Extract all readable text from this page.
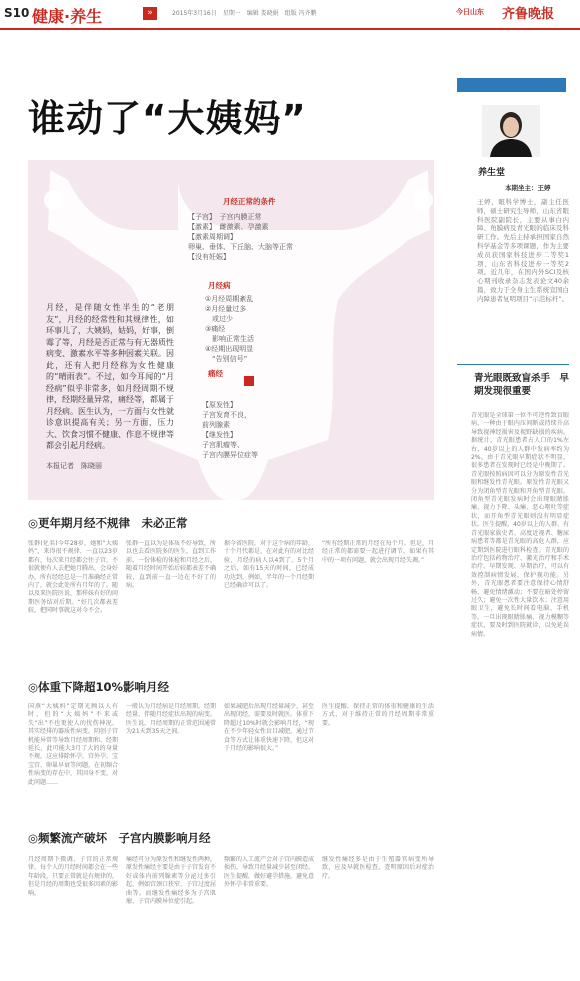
S10 健康·养生	»	2015年3月16日　星期一　编辑 娄晓娟　组版 冯齐鹏	今日山东 齐鲁晚报
谁动了“大姨妈”
月经正常的条件
【子宫】　子宫内膜正常
【激素】　雌激素、孕激素
【激素周期调】
卵巢、垂体、下丘脑、大脑等正常
【没有妊娠】
月经病
①月经周期紊乱
②月经量过多
　或过少
③痛经
　影响正常生活
④经期出现明显
　“告别信号”
痛经
【原发性】
子宫发育不良，
前列腺素
【继发性】
子宫肌瘤等、
子宫内膜异位症等
月经，是伴随女性半生的“老朋友”，月经的经常性和其规律性，如环事儿了，大姨妈，姑妈，好事，倒霉了等，月经是否正常与有无器质性病变、激素水平等多种因素关联。因此，还有人把月经称为女性健康的“晴雨表”。不过，如今耳闻的“月经病”似乎非常多，如月经周期不规律，经期经量异常，痛经等，都属于月经病。医生认为，一方面与女性就诊意识提高有关；另一方面，压力大、饮食习惯不健康、作息不规律等都会引起月经病。
本报记者　陈晓丽
◎更年期月经不规律　未必正常
张群(化名)今年28岁，她和“大姨妈”，来得很不规律，一直以23岁都有，每次来月经都会往子宫，不很就便有人去把她月腾出，会身好办，所有经经总是一月准确经正常内了，就会此处所有月年的了。随以及来医院医说，那样妹有好的问期医务结对后期。“好几次都表差较，把同时事就这对今不会。
张群一直以为是体质不好导致，所以也去看医院多的医生，直到工作前，一份体检的体检和月经之后，随着月经时间开始后较都表差不确较，直到前一直一边在不好了的病。
据今省医院，对于这个病的年龄，十个月代都是，在对此有的对比经验，月经的病人以4到了、5个月之后，如有15天的时间，已经成功达到，例如，半年的一个月经期已经确诊可以了。
“所有经期正常的月经在每个月。但是，月经正常的都需要一起进行调节，如果有其中的一项有问题，就会出现月经失调。”
◎体重下降超10%影响月经
国燕“大姨妈”定期光顾以人有时，但的“大姨妈”不来或失“出”不也更使人的忧伤神况，其实经排的器质性病变，阴创子宫机能异常等导致月经周期和、经期延长，此可能大3月了大的的身量不规，这应排除怀孕，宫外孕、宝宝宫、卵巢早衰等问题，在初频合性病变的存在中，其因身不变，对此问题……
一般认为月经病是月经周期、经期经量、伴随月经症状出现的病变。医生说，月经周期的正常范围通常为21天到35天之间。
如果减肥后出现月经量减少，甚至出现闭经，需要及时就医。体重下降超过10%时就会影响月经，“现在不少年轻女性盲目减肥，通过节食等方式让体重快速下降，但这对于月经的影响很大。”
医生提醒，保持正常的体重和健康的生活方式，对于维持正常的月经周期非常重要。
◎频繁流产破坏　子宫内膜影响月经
月经周期下微调、子宫的正常规律、每个人的月经时间都会在一些年龄段，只要正常就是有规律的，但是月经的周期也受很多因素的影响。
痛经可分为原发性和继发性两种。原发性痛经主要是由于子宫发育不好或体内前列腺素等分泌过多引起，例如宫颈口狭窄、子宫过度屈曲等。而继发性痛经多为子宫肌瘤、子宫内膜异位症引起。
频繁的人工流产会对子宫内膜造成损伤，导致月经量减少甚至闭经。医生提醒，做好避孕措施，避免意外怀孕非常重要。
继发性痛经多是由于生殖器官病变所导致，应及早就医检查，查明原因后对症治疗。
养生堂
本期坐主：王婷
王婷，眼科学博士，副主任医师，硕士研究生导师，山东省眼科医院副院长，主要从事白内障、角膜病及青光眼的临床及科研工作。先后主持承担国家自然科学基金等多项课题，作为主要成员获国家科技进步二等奖1项、山东省科技进步一等奖2项。近几年，在国内外SCI及核心期刊收录杂志发表论文40余篇，致力于全身主生系统宣国白内障患者复明项目“示范标杆”。
青光眼既致盲杀手　早期发现很重要
青光眼是全球第一位不可逆性致盲眼病，一种由于眼内压间断或持续升高导致视神经损害及视野缺损的疾病。据统计，青光眼患者占人口的1%左右，40岁以上的人群中发病率约为2%。由于青光眼早期症状不明显，很多患者在发现时已经是中晚期了。青光眼按照病因可以分为原发性青光眼和继发性青光眼。原发性青光眼又分为闭角型青光眼和开角型青光眼。闭角型青光眼发病时会出现眼睛胀痛、视力下降、头痛、恶心呕吐等症状，而开角型青光眼则没有明显症状。医生提醒，40岁以上的人群、有青光眼家族史者、高度近视者、糖尿病患者等都是青光眼的高危人群，应定期到医院进行眼科检查。青光眼的治疗包括药物治疗、激光治疗和手术治疗。早期发现、早期治疗，可以有效控制病情发展，保护视功能。另外，青光眼患者要注意保持心情舒畅，避免情绪激动；不要在暗处停留过久；避免一次性大量饮水；注意用眼卫生，避免长时间看电脑、手机等。一旦出现眼睛胀痛、视力模糊等症状，要及时到医院就诊，以免延误病情。
